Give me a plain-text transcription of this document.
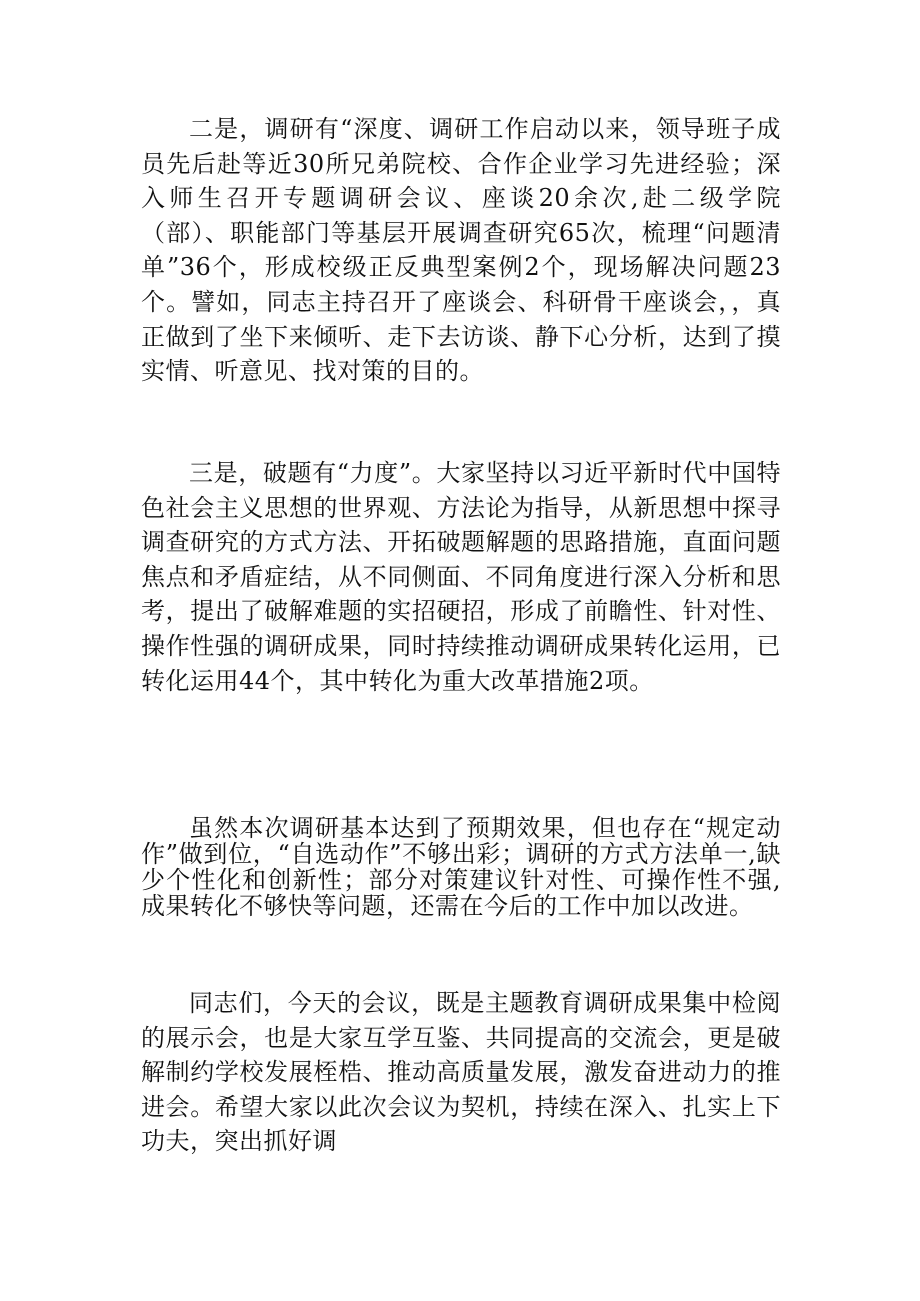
二是，调研有“深度、调研工作启动以来，领导班子成员先后赴等近30所兄弟院校、合作企业学习先进经验；深入师生召开专题调研会议、座谈20余次,赴二级学院（部）、职能部门等基层开展调查研究65次，梳理“问题清单”36个，形成校级正反典型案例2个，现场解决问题23个。譬如，同志主持召开了座谈会、科研骨干座谈会，，真正做到了坐下来倾听、走下去访谈、静下心分析，达到了摸实情、听意见、找对策的目的。

三是，破题有“力度”。大家坚持以习近平新时代中国特色社会主义思想的世界观、方法论为指导，从新思想中探寻调查研究的方式方法、开拓破题解题的思路措施，直面问题焦点和矛盾症结，从不同侧面、不同角度进行深入分析和思考，提出了破解难题的实招硬招，形成了前瞻性、针对性、操作性强的调研成果，同时持续推动调研成果转化运用，已转化运用44个，其中转化为重大改革措施2项。

虽然本次调研基本达到了预期效果，但也存在“规定动作”做到位，“自选动作”不够出彩；调研的方式方法单一,缺少个性化和创新性；部分对策建议针对性、可操作性不强,成果转化不够快等问题，还需在今后的工作中加以改进。

同志们，今天的会议，既是主题教育调研成果集中检阅的展示会，也是大家互学互鉴、共同提高的交流会，更是破解制约学校发展桎梏、推动高质量发展，激发奋进动力的推进会。希望大家以此次会议为契机，持续在深入、扎实上下功夫，突出抓好调
